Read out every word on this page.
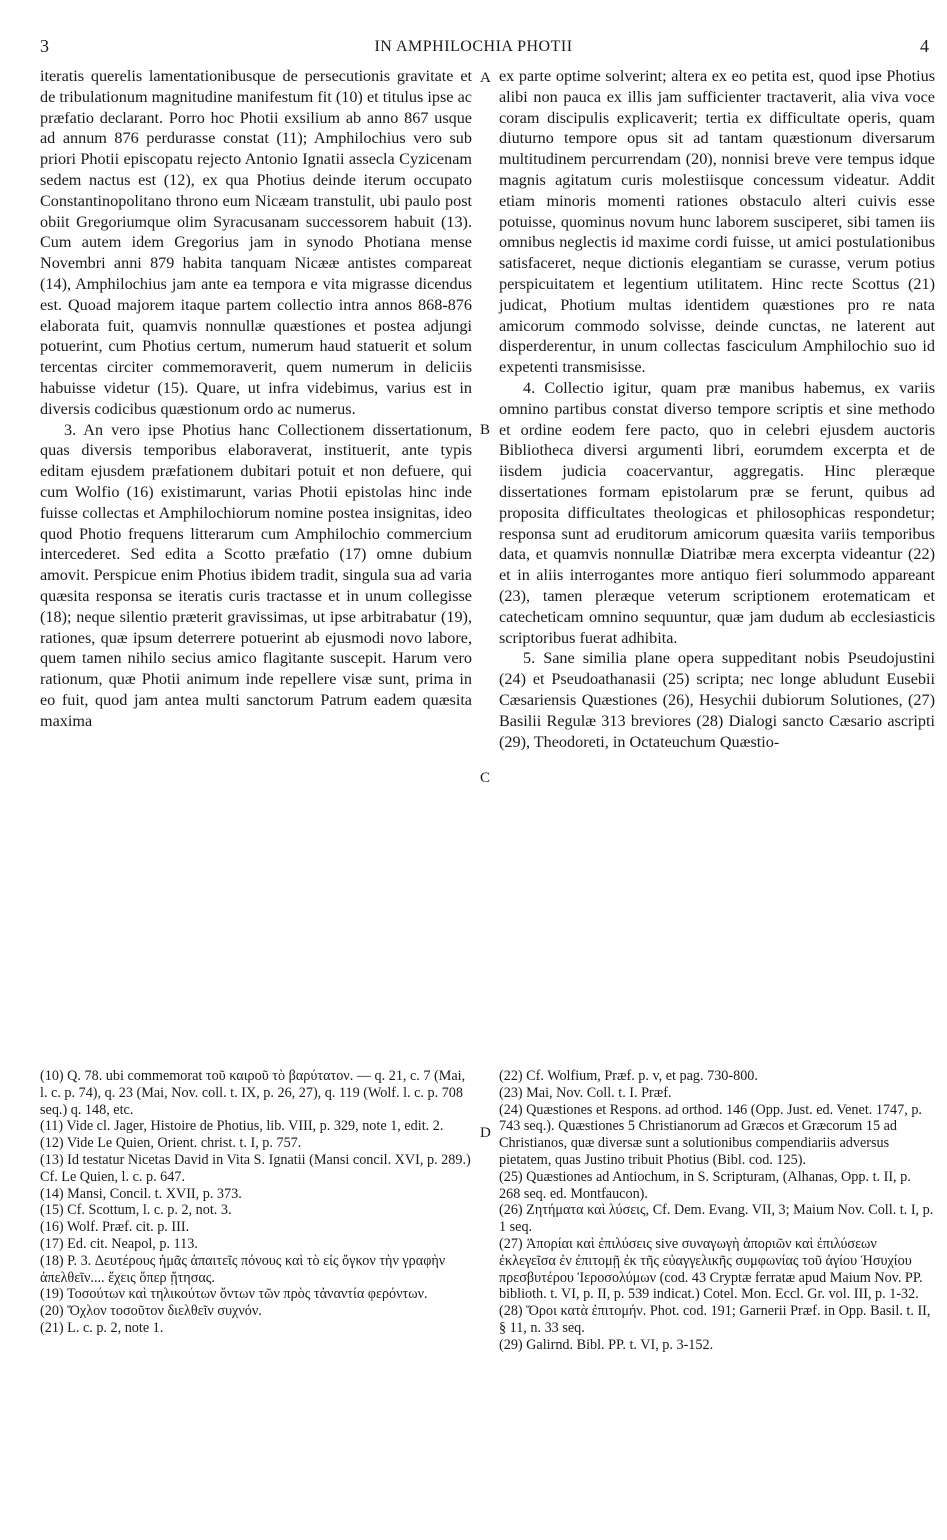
3	IN AMPHILOCHIA PHOTII	4
A
B
C
D

iteratis querelis lamentationibusque de persecutionis gravitate et de tribulationum magnitudine manifestum fit (10) et titulus ipse ac præfatio declarant. Porro hoc Photii exsilium ab anno 867 usque ad annum 876 perdurasse constat (11); Amphilochius vero sub priori Photii episcopatu rejecto Antonio Ignatii assecla Cyzicenam sedem nactus est (12), ex qua Photius deinde iterum occupato Constantinopolitano throno eum Nicæam transtulit, ubi paulo post obiit Gregoriumque olim Syracusanam successorem habuit (13). Cum autem idem Gregorius jam in synodo Photiana mense Novembri anni 879 habita tanquam Nicææ antistes compareat (14), Amphilochius jam ante ea tempora e vita migrasse dicendus est. Quoad majorem itaque partem collectio intra annos 868-876 elaborata fuit, quamvis nonnullæ quæstiones et postea adjungi potuerint, cum Photius certum, numerum haud statuerit et solum tercentas circiter commemoraverit, quem numerum in deliciis habuisse videtur (15). Quare, ut infra videbimus, varius est in diversis codicibus quæstionum ordo ac numerus.

3. An vero ipse Photius hanc Collectionem dissertationum, quas diversis temporibus elaboraverat, instituerit, ante typis editam ejusdem præfationem dubitari potuit et non defuere, qui cum Wolfio (16) existimarunt, varias Photii epistolas hinc inde fuisse collectas et Amphilochiorum nomine postea insignitas, ideo quod Photio frequens litterarum cum Amphilochio commercium intercederet. Sed edita a Scotto præfatio (17) omne dubium amovit. Perspicue enim Photius ibidem tradit, singula sua ad varia quæsita responsa se iteratis curis tractasse et in unum collegisse (18); neque silentio præterit gravissimas, ut ipse arbitrabatur (19), rationes, quæ ipsum deterrere potuerint ab ejusmodi novo labore, quem tamen nihilo secius amico flagitante suscepit. Harum vero rationum, quæ Photii animum inde repellere visæ sunt, prima in eo fuit, quod jam antea multi sanctorum Patrum eadem quæsita maxima

ex parte optime solverint; altera ex eo petita est, quod ipse Photius alibi non pauca ex illis jam sufficienter tractaverit, alia viva voce coram discipulis explicaverit; tertia ex difficultate operis, quam diuturno tempore opus sit ad tantam quæstionum diversarum multitudinem percurrendam (20), nonnisi breve vere tempus idque magnis agitatum curis molestiisque concessum videatur. Addit etiam minoris momenti rationes obstaculo alteri cuivis esse potuisse, quominus novum hunc laborem susciperet, sibi tamen iis omnibus neglectis id maxime cordi fuisse, ut amici postulationibus satisfaceret, neque dictionis elegantiam se curasse, verum potius perspicuitatem et legentium utilitatem. Hinc recte Scottus (21) judicat, Photium multas identidem quæstiones pro re nata amicorum commodo solvisse, deinde cunctas, ne laterent aut disperderentur, in unum collectas fasciculum Amphilochio suo id expetenti transmisisse.

4. Collectio igitur, quam præ manibus habemus, ex variis omnino partibus constat diverso tempore scriptis et sine methodo et ordine eodem fere pacto, quo in celebri ejusdem auctoris Bibliotheca diversi argumenti libri, eorumdem excerpta et de iisdem judicia coacervantur, aggregatis. Hinc pleræque dissertationes formam epistolarum præ se ferunt, quibus ad proposita difficultates theologicas et philosophicas respondetur; responsa sunt ad eruditorum amicorum quæsita variis temporibus data, et quamvis nonnullæ Diatribæ mera excerpta videantur (22) et in aliis interrogantes more antiquo fieri solummodo appareant (23), tamen pleræque veterum scriptionem erotematicam et catecheticam omnino sequuntur, quæ jam dudum ab ecclesiasticis scriptoribus fuerat adhibita.

5. Sane similia plane opera suppeditant nobis Pseudojustini (24) et Pseudoathanasii (25) scripta; nec longe abludunt Eusebii Cæsariensis Quæstiones (26), Hesychii dubiorum Solutiones, (27) Basilii Regulæ 313 breviores (28) Dialogi sancto Cæsario ascripti (29), Theodoreti, in Octateuchum Quæstio-

(10) Q. 78. ubi commemorat τοῦ καιροῦ τὸ βαρύτατον. — q. 21, c. 7 (Mai, l. c. p. 74), q. 23 (Mai, Nov. coll. t. IX, p. 26, 27), q. 119 (Wolf. l. c. p. 708 seq.) q. 148, etc.

(11) Vide cl. Jager, Histoire de Photius, lib. VIII, p. 329, note 1, edit. 2.

(12) Vide Le Quien, Orient. christ. t. I, p. 757.

(13) Id testatur Nicetas David in Vita S. Ignatii (Mansi concil. XVI, p. 289.) Cf. Le Quien, l. c. p. 647.

(14) Mansi, Concil. t. XVII, p. 373.

(15) Cf. Scottum, l. c. p. 2, not. 3.

(16) Wolf. Præf. cit. p. III.

(17) Ed. cit. Neapol, p. 113.

(18) P. 3. Δευτέρους ἡμᾶς ἀπαιτεῖς πόνους καὶ τὸ εἰς ὄγκον τὴν γραφὴν ἀπελθεῖν.... ἔχεις ὅπερ ᾔτησας.

(19) Τοσούτων καὶ τηλικούτων ὄντων τῶν πρὸς τἀναντία φερόντων.

(20) Ὄχλον τοσοῦτον διελθεῖν συχνόν.

(21) L. c. p. 2, note 1.

(22) Cf. Wolfium, Præf. p. v, et pag. 730-800.

(23) Mai, Nov. Coll. t. I. Præf.

(24) Quæstiones et Respons. ad orthod. 146 (Opp. Just. ed. Venet. 1747, p. 743 seq.). Quæstiones 5 Christianorum ad Græcos et Græcorum 15 ad Christianos, quæ diversæ sunt a solutionibus compendiariis adversus pietatem, quas Justino tribuit Photius (Bibl. cod. 125).

(25) Quæstiones ad Antiochum, in S. Scripturam, (Alhanas, Opp. t. II, p. 268 seq. ed. Montfaucon).

(26) Ζητήματα καὶ λύσεις, Cf. Dem. Evang. VII, 3; Maium Nov. Coll. t. I, p. 1 seq.

(27) Ἀπορίαι καὶ ἐπιλύσεις sive συναγωγὴ ἀποριῶν καὶ ἐπιλύσεων ἐκλεγεῖσα ἐν ἐπιτομῇ ἐκ τῆς εὐαγγελικῆς συμφωνίας τοῦ ἁγίου Ἡσυχίου πρεσβυτέρου Ἱεροσολύμων (cod. 43 Cryptæ ferratæ apud Maium Nov. PP. biblioth. t. VI, p. II, p. 539 indicat.) Cotel. Mon. Eccl. Gr. vol. III, p. 1-32.

(28) Ὅροι κατὰ ἐπιτομήν. Phot. cod. 191; Garnerii Præf. in Opp. Basil. t. II, § 11, n. 33 seq.

(29) Galirnd. Bibl. PP. t. VI, p. 3-152.
